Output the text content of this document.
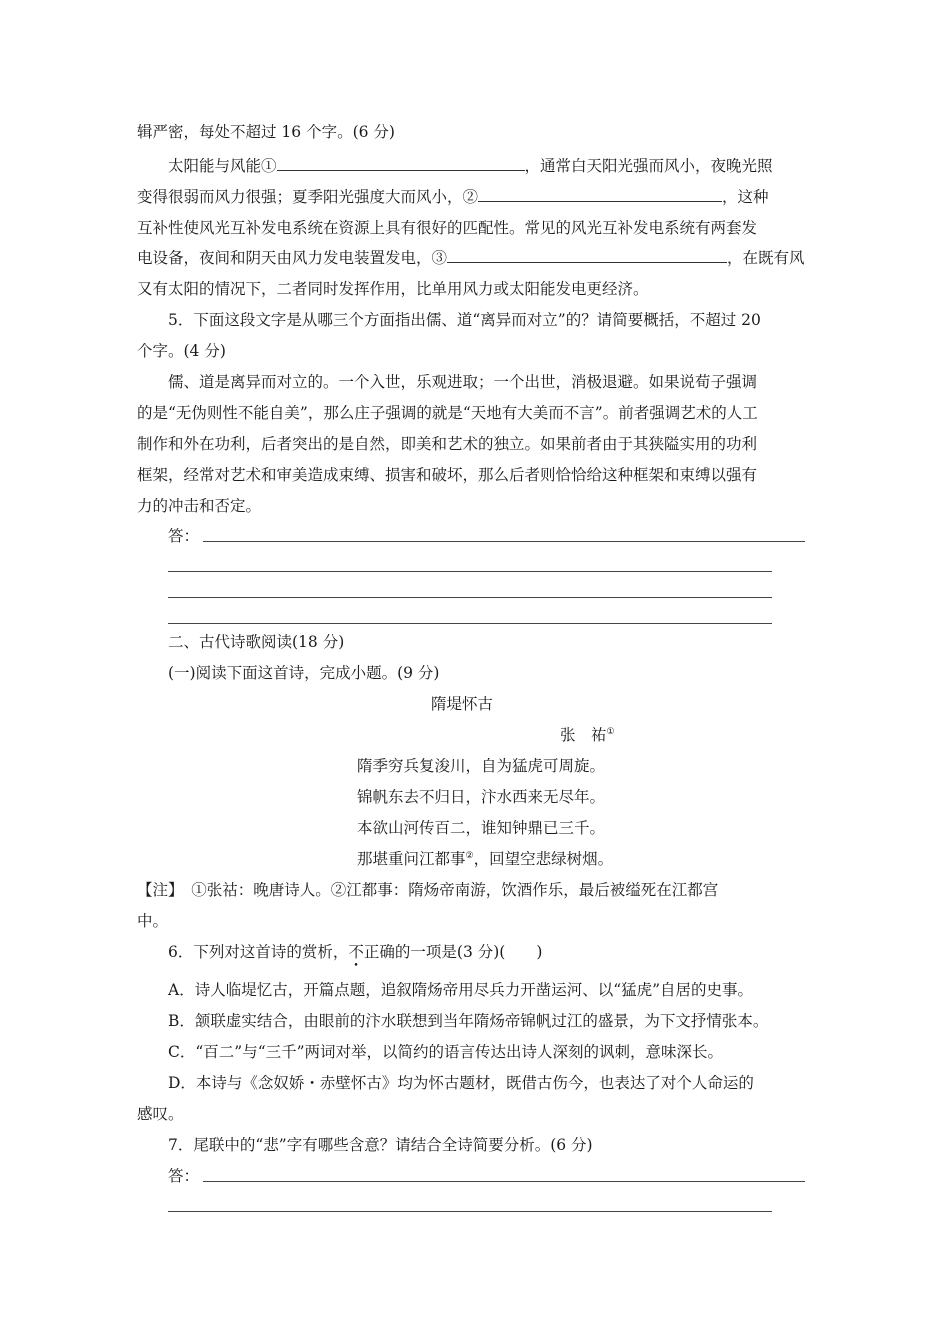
辑严密，每处不超过 16 个字。(6 分)
太阳能与风能①	，通常白天阳光强而风小，夜晚光照
变得很弱而风力很强；夏季阳光强度大而风小，②	，这种
互补性使风光互补发电系统在资源上具有很好的匹配性。常见的风光互补发电系统有两套发
电设备，夜间和阴天由风力发电装置发电，③	，在既有风
又有太阳的情况下，二者同时发挥作用，比单用风力或太阳能发电更经济。
5．下面这段文字是从哪三个方面指出儒、道“离异而对立”的？请简要概括，不超过 20
个字。(4 分)
儒、道是离异而对立的。一个入世，乐观进取；一个出世，消极退避。如果说荀子强调
的是“无伪则性不能自美”，那么庄子强调的就是“天地有大美而不言”。前者强调艺术的人工
制作和外在功利，后者突出的是自然，即美和艺术的独立。如果前者由于其狭隘实用的功利
框架，经常对艺术和审美造成束缚、损害和破坏，那么后者则恰恰给这种框架和束缚以强有
力的冲击和否定。
答：
二、古代诗歌阅读(18 分)
(一)阅读下面这首诗，完成小题。(9 分)
隋堤怀古
张　祐①
隋季穷兵复浚川，自为猛虎可周旋。
锦帆东去不归日，汴水西来无尽年。
本欲山河传百二，谁知钟鼎已三千。
那堪重问江都事②，回望空悲绿树烟。
【注】　①张祜：晚唐诗人。②江都事：隋炀帝南游，饮酒作乐，最后被缢死在江都宫
中。
6．下列对这首诗的赏析，不正确的一项是(3 分)(　　)
A．诗人临堤忆古，开篇点题，追叙隋炀帝用尽兵力开凿运河、以“猛虎”自居的史事。
B．颔联虚实结合，由眼前的汴水联想到当年隋炀帝锦帆过江的盛景，为下文抒情张本。
C．“百二”与“三千”两词对举，以简约的语言传达出诗人深刻的讽刺，意味深长。
D．本诗与《念奴娇・赤壁怀古》均为怀古题材，既借古伤今，也表达了对个人命运的
感叹。
7．尾联中的“悲”字有哪些含意？请结合全诗简要分析。(6 分)
答：
